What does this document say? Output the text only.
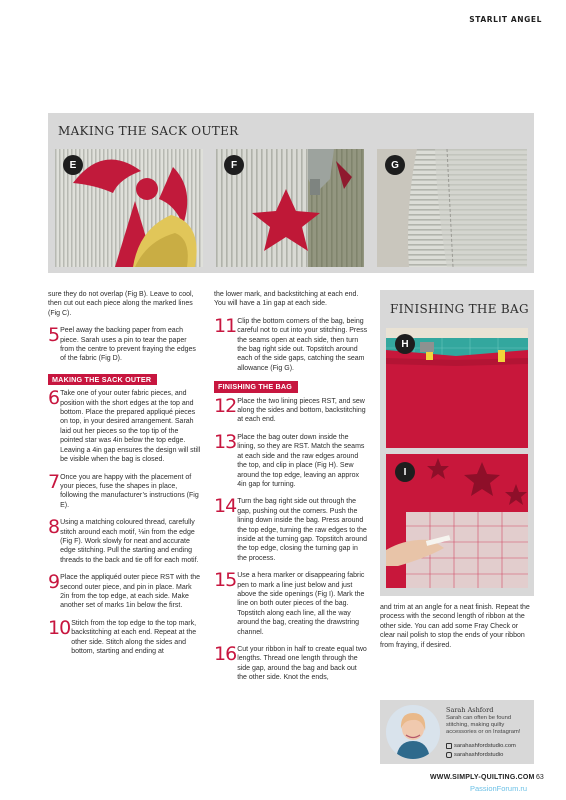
STARLIT ANGEL
MAKING THE SACK OUTER
E	F	G
FINISHING THE BAG
H
I

sure they do not overlap (Fig B). Leave to cool, then cut out each piece along the marked lines (Fig C).

5 Peel away the backing paper from each piece. Sarah uses a pin to tear the paper from the centre to prevent fraying the edges of the fabric (Fig D).
MAKING THE SACK OUTER
6 Take one of your outer fabric pieces, and position with the short edges at the top and bottom. Place the prepared appliqué pieces on top, in your desired arrangement. Sarah laid out her pieces so the top tip of the pointed star was 4in below the top edge. Leaving a 4in gap ensures the design will still be visible when the bag is closed.
7 Once you are happy with the placement of your pieces, fuse the shapes in place, following the manufacturer’s instructions (Fig E).
8 Using a matching coloured thread, carefully stitch around each motif, ⅛in from the edge (Fig F). Work slowly for neat and accurate edge stitching. Pull the starting and ending threads to the back and tie off for each motif.
9 Place the appliquéd outer piece RST with the second outer piece, and pin in place. Mark 2in from the top edge, at each side. Make another set of marks 1in below the first.
10 Stitch from the top edge to the top mark, backstitching at each end. Repeat at the other side. Stitch along the sides and bottom, starting and ending at

the lower mark, and backstitching at each end. You will have a 1in gap at each side.

11 Clip the bottom corners of the bag, being careful not to cut into your stitching. Press the seams open at each side, then turn the bag right side out. Topstitch around each of the side gaps, catching the seam allowance (Fig G).
FINISHING THE BAG
12 Place the two lining pieces RST, and sew along the sides and bottom, backstitching at each end.
13 Place the bag outer down inside the lining, so they are RST. Match the seams at each side and the raw edges around the top, and clip in place (Fig H). Sew around the top edge, leaving an approx 4in gap for turning.
14 Turn the bag right side out through the gap, pushing out the corners. Push the lining down inside the bag. Press around the top edge, turning the raw edges to the inside at the turning gap. Topstitch around the top edge, closing the turning gap in the process.
15 Use a hera marker or disappearing fabric pen to mark a line just below and just above the side openings (Fig I). Mark the line on both outer pieces of the bag. Topstitch along each line, all the way around the bag, creating the drawstring channel.
16 Cut your ribbon in half to create equal two lengths. Thread one length through the side gap, around the bag and back out the other side. Knot the ends,

and trim at an angle for a neat finish. Repeat the process with the second length of ribbon at the other side. You can add some Fray Check or clear nail polish to stop the ends of your ribbon from fraying, if desired.

Sarah Ashford
Sarah can often be found stitching, making quilty accessories or on Instagram!
sarahashfordstudio.com
sarahashfordstudio
WWW.SIMPLY-QUILTING.COM 63
PassionForum.ru
